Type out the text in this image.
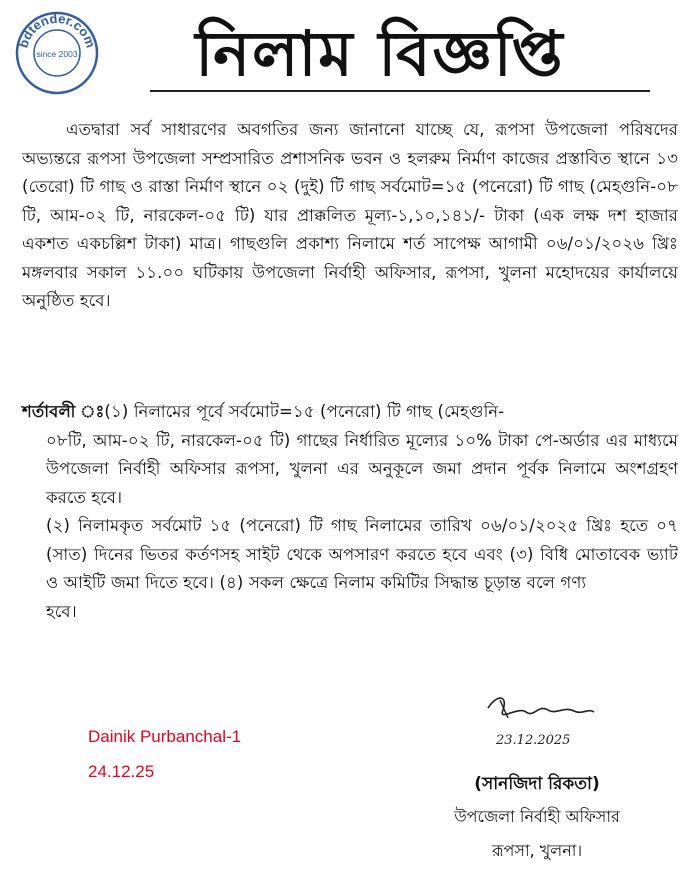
bdtender.com
since 2003	নিলাম বিজ্ঞপ্তি

এতদ্বারা সর্ব সাধারণের অবগতির জন্য জানানো যাচ্ছে যে, রূপসা উপজেলা পরিষদের অভ্যন্তরে রূপসা উপজেলা সম্প্রসারিত প্রশাসনিক ভবন ও হলরুম নির্মাণ কাজের প্রস্তাবিত স্থানে ১৩ (তেরো) টি গাছ ও রাস্তা নির্মাণ স্থানে ০২ (দুই) টি গাছ সর্বমোট=১৫ (পনেরো) টি গাছ (মেহগুনি-০৮ টি, আম-০২ টি, নারকেল-০৫ টি) যার প্রাক্কলিত মূল্য-১,১০,১৪১/- টাকা (এক লক্ষ দশ হাজার একশত একচল্লিশ টাকা) মাত্র। গাছগুলি প্রকাশ্য নিলামে শর্ত সাপেক্ষ আগামী ০৬/০১/২০২৬ খ্রিঃ মঙ্গলবার সকাল ১১.০০ ঘটিকায় উপজেলা নির্বাহী অফিসার, রূপসা, খুলনা মহোদয়ের কার্যালয়ে অনুষ্ঠিত হবে।

শর্তাবলী ঃ(১) নিলামের পূর্বে সর্বমোট=১৫ (পনেরো) টি গাছ (মেহগুনি-
০৮টি, আম-০২ টি, নারকেল-০৫ টি) গাছের নির্ধারিত মূল্যের ১০% টাকা পে-অর্ডার এর মাধ্যমে উপজেলা নির্বাহী অফিসার রূপসা, খুলনা এর অনুকূলে জমা প্রদান পূর্বক নিলামে অংশগ্রহণ করতে হবে।
(২) নিলামকৃত সর্বমোট ১৫ (পনেরো) টি গাছ নিলামের তারিখ ০৬/০১/২০২৫ খ্রিঃ হতে ০৭ (সাত) দিনের ভিতর কর্তণসহ সাইট থেকে অপসারণ করতে হবে এবং (৩) বিধি মোতাবেক ভ্যাট ও আইটি জমা দিতে হবে। (৪) সকল ক্ষেত্রে নিলাম কমিটির সিদ্ধান্ত চূড়ান্ত বলে গণ্য
হবে।
Dainik Purbanchal-1
24.12.25
23.12.2025
(সানজিদা রিকতা)
উপজেলা নির্বাহী অফিসার
রূপসা, খুলনা।
